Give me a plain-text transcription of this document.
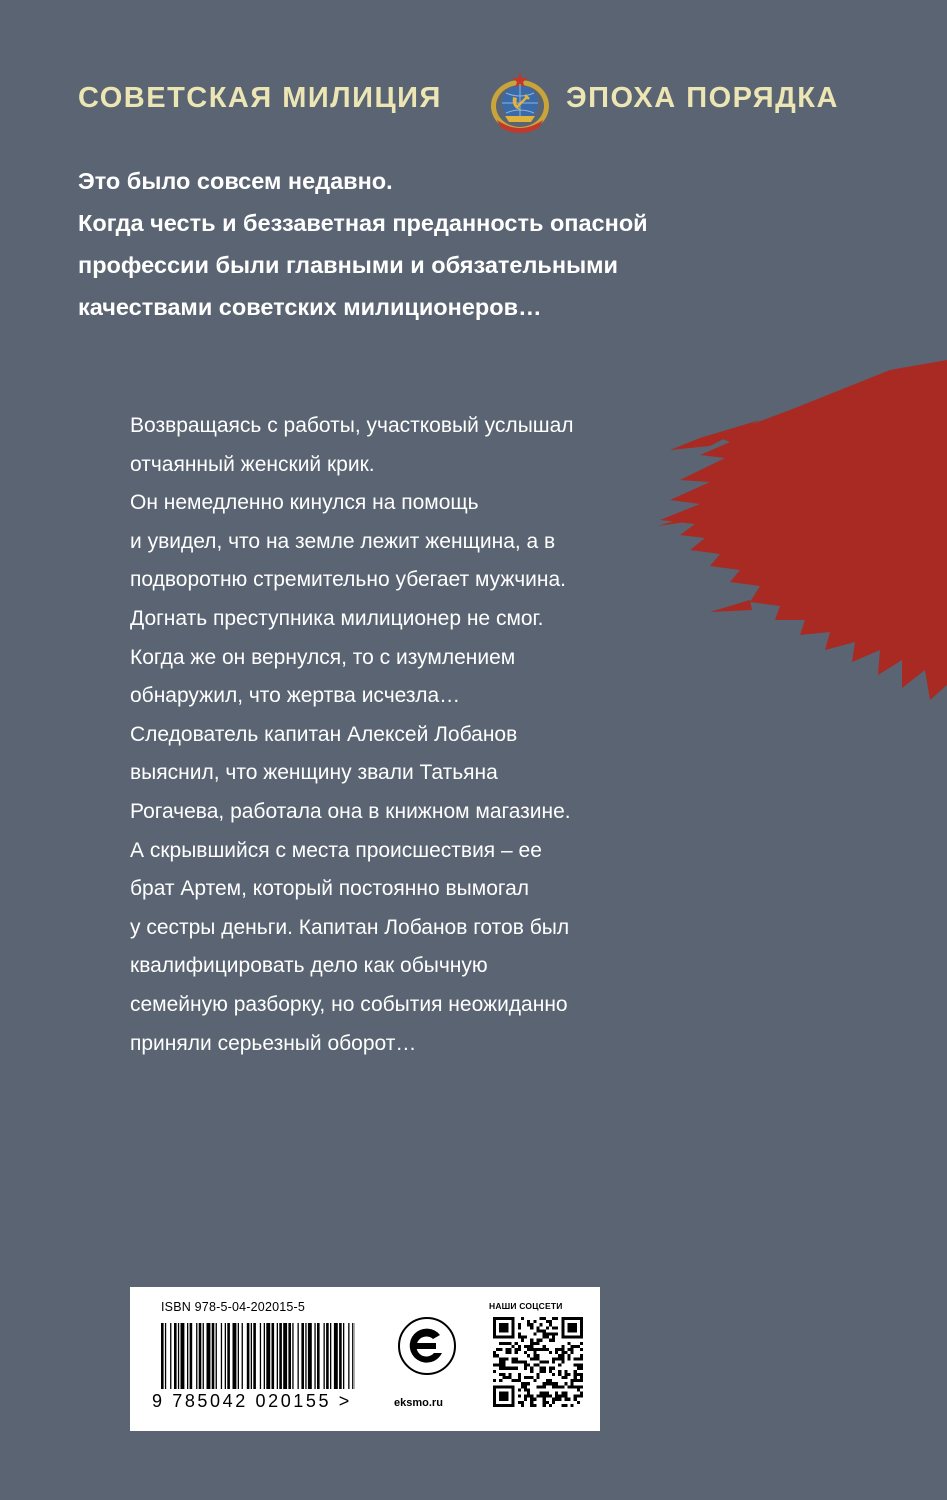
СОВЕТСКАЯ МИЛИЦИЯ	ЭПОХА ПОРЯДКА
Это было совсем недавно.
Когда честь и беззаветная преданность опасной
профессии были главными и обязательными
качествами советских милиционеров…
Возвращаясь с работы, участковый услышал
отчаянный женский крик.
Он немедленно кинулся на помощь
и увидел, что на земле лежит женщина, а в
подворотню стремительно убегает мужчина.
Догнать преступника милиционер не смог.
Когда же он вернулся, то с изумлением
обнаружил, что жертва исчезла…
Следователь капитан Алексей Лобанов
выяснил, что женщину звали Татьяна
Рогачева, работала она в книжном магазине.
А скрывшийся с места происшествия – ее
брат Артем, который постоянно вымогал
у сестры деньги. Капитан Лобанов готов был
квалифицировать дело как обычную
семейную разборку, но события неожиданно
приняли серьезный оборот…
ISBN 978-5-04-202015-5
9 785042 020155 >	eksmo.ru
НАШИ СОЦСЕТИ
